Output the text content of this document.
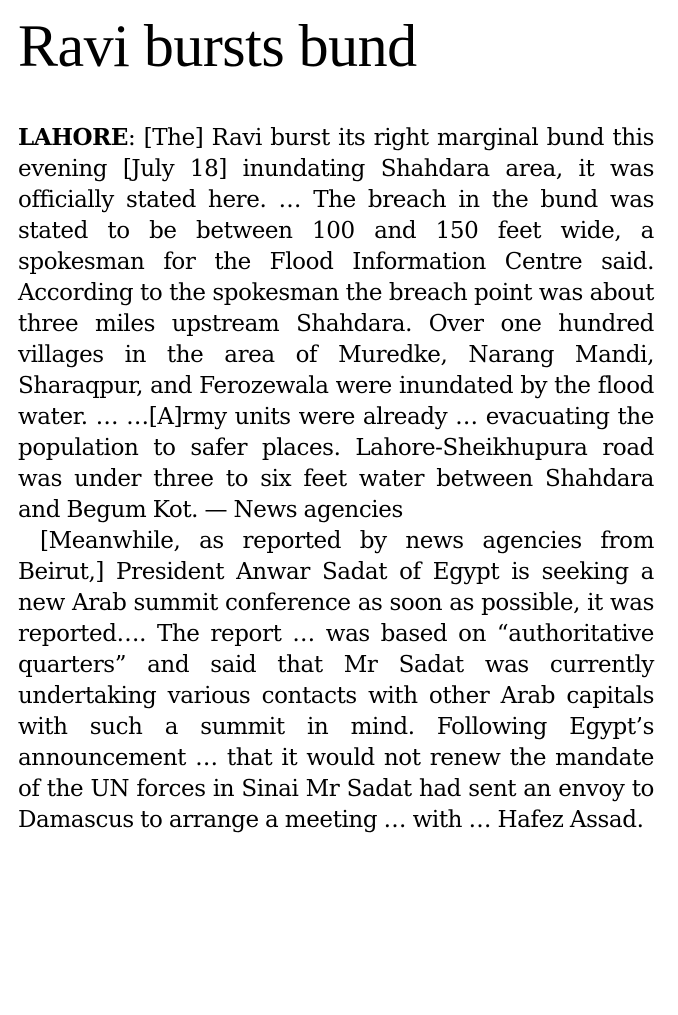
Ravi bursts bund

LAHORE: [The] Ravi burst its right marginal bund this evening [July 18] inundating Shahdara area, it was officially stated here. … The breach in the bund was stated to be between 100 and 150 feet wide, a spokesman for the Flood Information Centre said. According to the spokesman the breach point was about three miles upstream Shahdara. Over one hundred villages in the area of Muredke, Narang Mandi, Sharaqpur, and Ferozewala were inundated by the flood water. … …[A]rmy units were already … evacuating the population to safer places. Lahore-Sheikhupura road was under three to six feet water between Shahdara and Begum Kot. — News agencies

[Meanwhile, as reported by news agencies from Beirut,] President Anwar Sadat of Egypt is seeking a new Arab summit conference as soon as possible, it was reported…. The report … was based on “authoritative quarters” and said that Mr Sadat was currently undertaking various contacts with other Arab capitals with such a summit in mind. Following Egypt’s announcement … that it would not renew the mandate of the UN forces in Sinai Mr Sadat had sent an envoy to Damascus to arrange a meeting … with … Hafez Assad.
